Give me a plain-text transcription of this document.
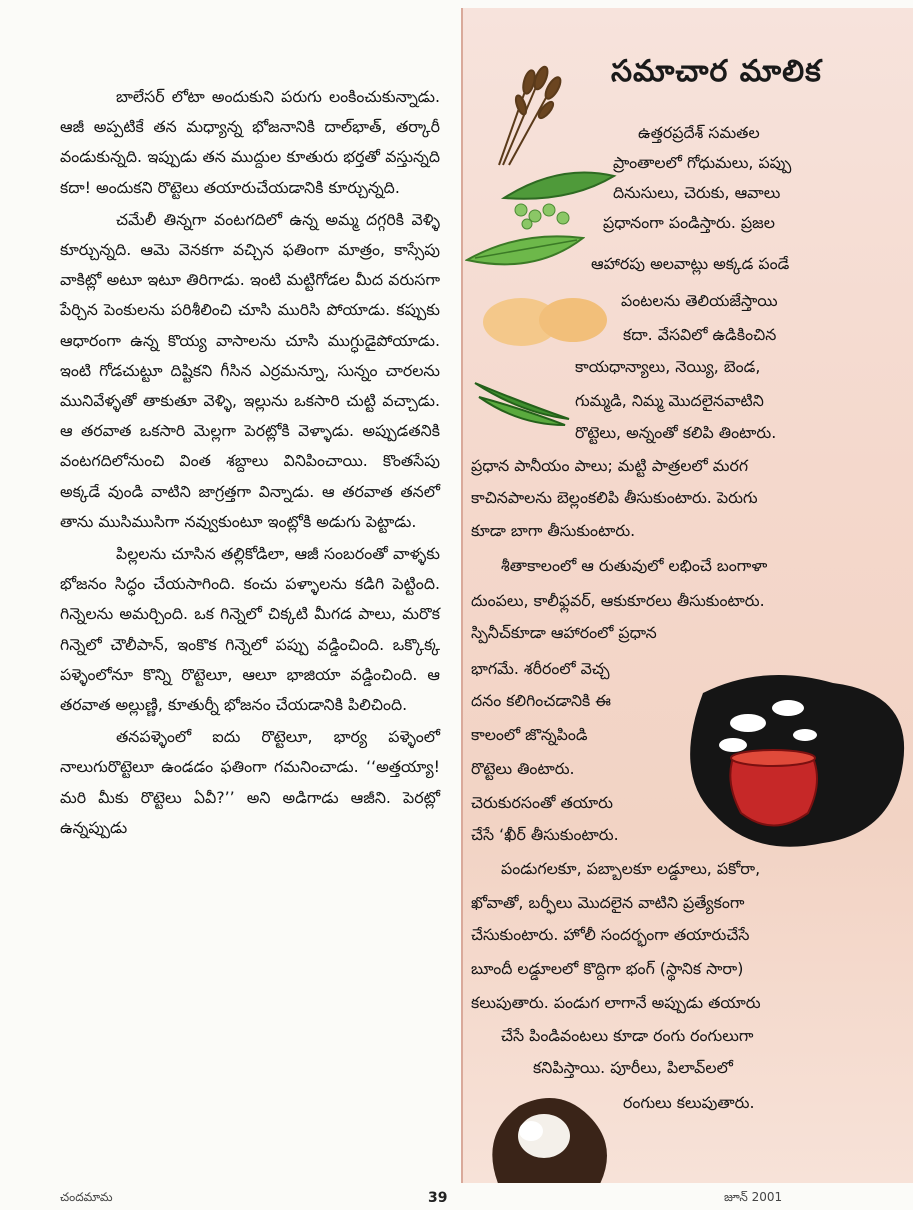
బాలేసర్ లోటా అందుకుని పరుగు లంకించుకున్నాడు. ఆజీ అప్పటికే తన మధ్యాన్న భోజనానికి దాల్‌భాత్, తర్కారీ వండుకున్నది. ఇప్పుడు తన ముద్దుల కూతురు భర్తతో వస్తున్నది కదా! అందుకని రొట్టెలు తయారుచేయడానికి కూర్చున్నది.

చమేలీ తిన్నగా వంటగదిలో ఉన్న అమ్మ దగ్గరికి వెళ్ళి కూర్చున్నది. ఆమె వెనకగా వచ్చిన ఫతింగా మాత్రం, కాస్సేపు వాకిట్లో అటూ ఇటూ తిరిగాడు. ఇంటి మట్టిగోడల మీద వరుసగా పేర్చిన పెంకులను పరిశీలించి చూసి మురిసి పోయాడు. కప్పుకు ఆధారంగా ఉన్న కొయ్య వాసాలను చూసి ముగ్ధుడైపోయాడు. ఇంటి గోడచుట్టూ దిష్టికని గీసిన ఎర్రమన్నూ, సున్నం చారలను మునివేళ్ళతో తాకుతూ వెళ్ళి, ఇల్లును ఒకసారి చుట్టి వచ్చాడు. ఆ తరవాత ఒకసారి మెల్లగా పెరట్లోకి వెళ్ళాడు. అప్పుడతనికి వంటగదిలోనుంచి వింత శబ్దాలు వినిపించాయి. కొంతసేపు అక్కడే వుండి వాటిని జాగ్రత్తగా విన్నాడు. ఆ తరవాత తనలో తాను ముసిముసిగా నవ్వుకుంటూ ఇంట్లోకి అడుగు పెట్టాడు.

పిల్లలను చూసిన తల్లికోడిలా, ఆజీ సంబరంతో వాళ్ళకు భోజనం సిద్ధం చేయసాగింది. కంచు పళ్ళాలను కడిగి పెట్టింది. గిన్నెలను అమర్చింది. ఒక గిన్నెలో చిక్కటి మీగడ పాలు, మరొక గిన్నెలో చౌలీపాన్, ఇంకొక గిన్నెలో పప్పు వడ్డించింది. ఒక్కొక్క పళ్ళెంలోనూ కొన్ని రొట్టెలూ, ఆలూ భాజియా వడ్డించింది. ఆ తరవాత అల్లుణ్ణి, కూతుర్నీ భోజనం చేయడానికి పిలిచింది.

తనపళ్ళెంలో ఐదు రొట్టెలూ, భార్య పళ్ళెంలో నాలుగురొట్టెలూ ఉండడం ఫతింగా గమనించాడు. ‘‘అత్తయ్యా! మరి మీకు రొట్టెలు ఏవీ?’’ అని అడిగాడు ఆజీని. పెరట్లో ఉన్నప్పుడు

సమాచార మాలిక
ఉత్తరప్రదేశ్ సమతల
ప్రాంతాలలో గోధుమలు, పప్పు
దినుసులు, చెరుకు, ఆవాలు
ప్రధానంగా పండిస్తారు. ప్రజల
ఆహారపు అలవాట్లు అక్కడ పండే
పంటలను తెలియజేస్తాయి
కదా. వేసవిలో ఉడికించిన
కాయధాన్యాలు, నెయ్యి, బెండ,
గుమ్మడి, నిమ్మ మొదలైనవాటిని
రొట్టెలు, అన్నంతో కలిపి తింటారు.
ప్రధాన పానీయం పాలు; మట్టి పాత్రలలో మరగ
కాచినపాలను బెల్లంకలిపి తీసుకుంటారు. పెరుగు
కూడా బాగా తీసుకుంటారు.
శీతాకాలంలో ఆ రుతువులో లభించే బంగాళా
దుంపలు, కాలీఫ్లవర్, ఆకుకూరలు తీసుకుంటారు.
స్పినీచ్‌కూడా ఆహారంలో ప్రధాన
భాగమే. శరీరంలో వెచ్చ
దనం కలిగించడానికి ఈ
కాలంలో జొన్నపిండి
రొట్టెలు తింటారు.
చెరుకురసంతో తయారు
చేసే ‘ఖీర్ తీసుకుంటారు.
పండుగలకూ, పబ్బాలకూ లడ్డూలు, పకోరా,
ఖోవాతో, బర్ఫీలు మొదలైన వాటిని ప్రత్యేకంగా
చేసుకుంటారు. హోలీ సందర్భంగా తయారుచేసే
బూందీ లడ్డూలలో కొద్దిగా భంగ్ (స్థానిక సారా)
కలుపుతారు. పండుగ లాగానే అప్పుడు తయారు
చేసే పిండివంటలు కూడా రంగు రంగులుగా
కనిపిస్తాయి. పూరీలు, పిలావ్‌లలో
రంగులు కలుపుతారు.
చందమామ	39	జూన్ 2001
